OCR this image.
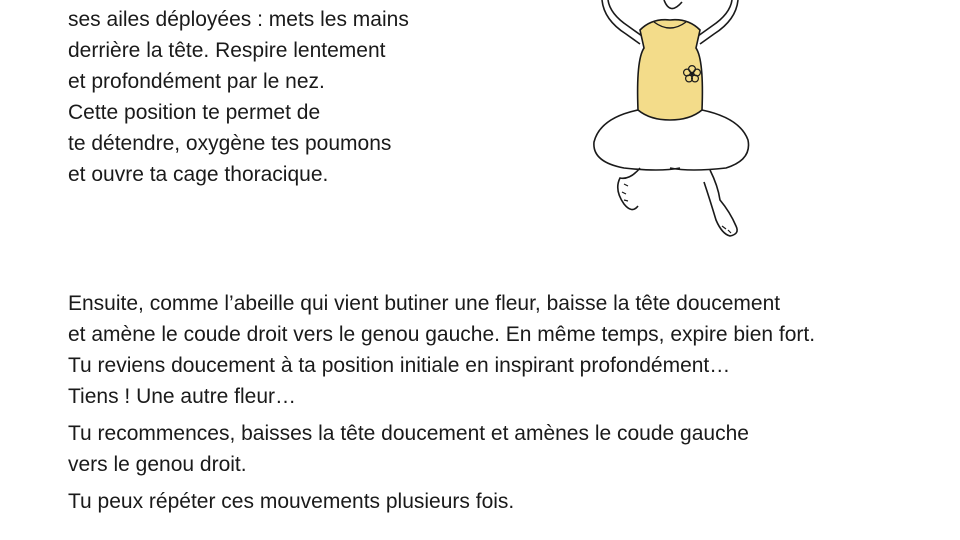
ses ailes déployées : mets les mains
derrière la tête. Respire lentement
et profondément par le nez.
Cette position te permet de
te détendre, oxygène tes poumons
et ouvre ta cage thoracique.
Ensuite, comme l’abeille qui vient butiner une fleur, baisse la tête doucement
et amène le coude droit vers le genou gauche. En même temps, expire bien fort.
Tu reviens doucement à ta position initiale en inspirant profondément…
Tiens ! Une autre fleur…
Tu recommences, baisses la tête doucement et amènes le coude gauche
vers le genou droit.
Tu peux répéter ces mouvements plusieurs fois.
